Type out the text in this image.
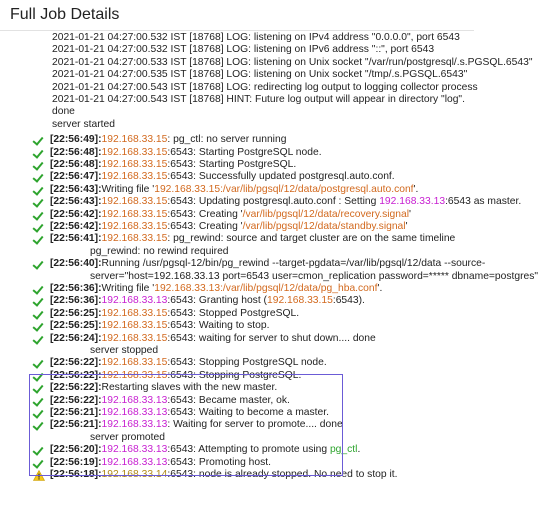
Full Job Details
2021-01-21 04:27:00.532 IST [18768] LOG: listening on IPv4 address "0.0.0.0", port 6543
2021-01-21 04:27:00.532 IST [18768] LOG: listening on IPv6 address "::", port 6543
2021-01-21 04:27:00.533 IST [18768] LOG: listening on Unix socket "/var/run/postgresql/.s.PGSQL.6543"
2021-01-21 04:27:00.535 IST [18768] LOG: listening on Unix socket "/tmp/.s.PGSQL.6543"
2021-01-21 04:27:00.543 IST [18768] LOG: redirecting log output to logging collector process
2021-01-21 04:27:00.543 IST [18768] HINT: Future log output will appear in directory "log".
done
server started
[22:56:49]:192.168.33.15: pg_ctl: no server running
[22:56:48]:192.168.33.15:6543: Starting PostgreSQL node.
[22:56:48]:192.168.33.15:6543: Starting PostgreSQL.
[22:56:47]:192.168.33.15:6543: Successfully updated postgresql.auto.conf.
[22:56:43]:Writing file '192.168.33.15:/var/lib/pgsql/12/data/postgresql.auto.conf'.
[22:56:43]:192.168.33.15:6543: Updating postgresql.auto.conf : Setting 192.168.33.13:6543 as master.
[22:56:42]:192.168.33.15:6543: Creating '/var/lib/pgsql/12/data/recovery.signal'
[22:56:42]:192.168.33.15:6543: Creating '/var/lib/pgsql/12/data/standby.signal'
[22:56:41]:192.168.33.15: pg_rewind: source and target cluster are on the same timeline
pg_rewind: no rewind required
[22:56:40]:Running /usr/pgsql-12/bin/pg_rewind --target-pgdata=/var/lib/pgsql/12/data --source-
server="host=192.168.33.13 port=6543 user=cmon_replication password=***** dbname=postgres"
[22:56:36]:Writing file '192.168.33.13:/var/lib/pgsql/12/data/pg_hba.conf'.
[22:56:36]:192.168.33.13:6543: Granting host (192.168.33.15:6543).
[22:56:25]:192.168.33.15:6543: Stopped PostgreSQL.
[22:56:25]:192.168.33.15:6543: Waiting to stop.
[22:56:24]:192.168.33.15:6543: waiting for server to shut down.... done
server stopped
[22:56:22]:192.168.33.15:6543: Stopping PostgreSQL node.
[22:56:22]:192.168.33.15:6543: Stopping PostgreSQL.
[22:56:22]:Restarting slaves with the new master.
[22:56:22]:192.168.33.13:6543: Became master, ok.
[22:56:21]:192.168.33.13:6543: Waiting to become a master.
[22:56:21]:192.168.33.13: Waiting for server to promote.... done
server promoted
[22:56:20]:192.168.33.13:6543: Attempting to promote using pg_ctl.
[22:56:19]:192.168.33.13:6543: Promoting host.
[22:56:18]:192.168.33.14:6543: node is already stopped. No need to stop it.
